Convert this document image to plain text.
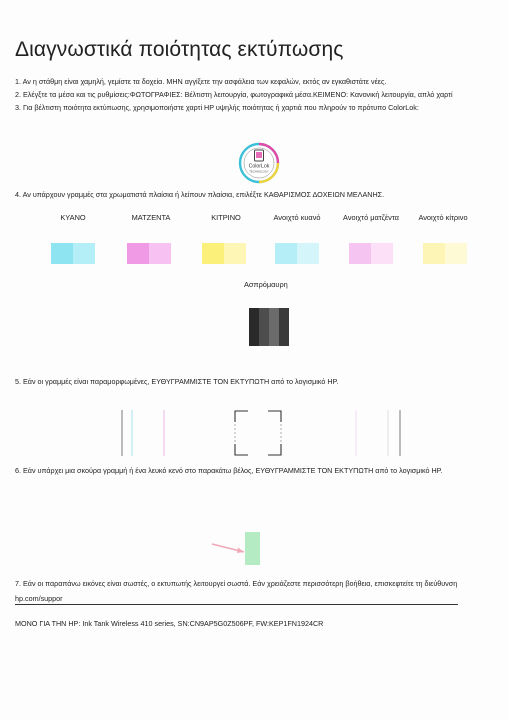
Διαγνωστικά ποιότητας εκτύπωσης
1. Αν η στάθμη είναι χαμηλή, γεμίστε τα δοχεία. ΜΗΝ αγγίξετε την ασφάλεια των κεφαλών, εκτός αν εγκαθιστάτε νέες.
2. Ελέγξτε τα μέσα και τις ρυθμίσεις:ΦΩΤΟΓΡΑΦΙΕΣ: Βέλτιστη λειτουργία, φωτογραφικά μέσα.ΚΕΙΜΕΝΟ: Κανονική λειτουργία, απλό χαρτί
3. Για βέλτιστη ποιότητα εκτύπωσης, χρησιμοποιήστε χαρτί HP υψηλής ποιότητας ή χαρτιά που πληρούν το πρότυπο ColorLok:
ColorLok
TECHNOLOGY
4. Αν υπάρχουν γραμμές στα χρωματιστά πλαίσια ή λείπουν πλαίσια, επιλέξτε ΚΑΘΑΡΙΣΜΟΣ ΔΟΧΕΙΩΝ ΜΕΛΑΝΗΣ.
ΚΥΑΝΟ	ΜΑΤΖΕΝΤΑ	ΚΙΤΡΙΝΟ	Ανοιχτό κυανό	Ανοιχτό ματζέντα	Ανοιχτό κίτρινο
Ασπρόμαυρη
5. Εάν οι γραμμές είναι παραμορφωμένες, ΕΥΘΥΓΡΑΜΜΙΣΤΕ ΤΟΝ ΕΚΤΥΠΩΤΗ από το λογισμικό HP.
6. Εάν υπάρχει μια σκούρα γραμμή ή ένα λευκό κενό στο παρακάτω βέλος, ΕΥΘΥΓΡΑΜΜΙΣΤΕ ΤΟΝ ΕΚΤΥΠΩΤΗ από το λογισμικό HP.
7. Εάν οι παραπάνω εικόνες είναι σωστές, ο εκτυπωτής λειτουργεί σωστά. Εάν χρειάζεστε περισσότερη βοήθεια, επισκεφτείτε τη διεύθυνση
hp.com/suppor
ΜΟΝΟ ΓΙΑ ΤΗΝ HP: Ink Tank Wireless 410 series, SN:CN9AP5G0Z506PF, FW:KEP1FN1924CR
